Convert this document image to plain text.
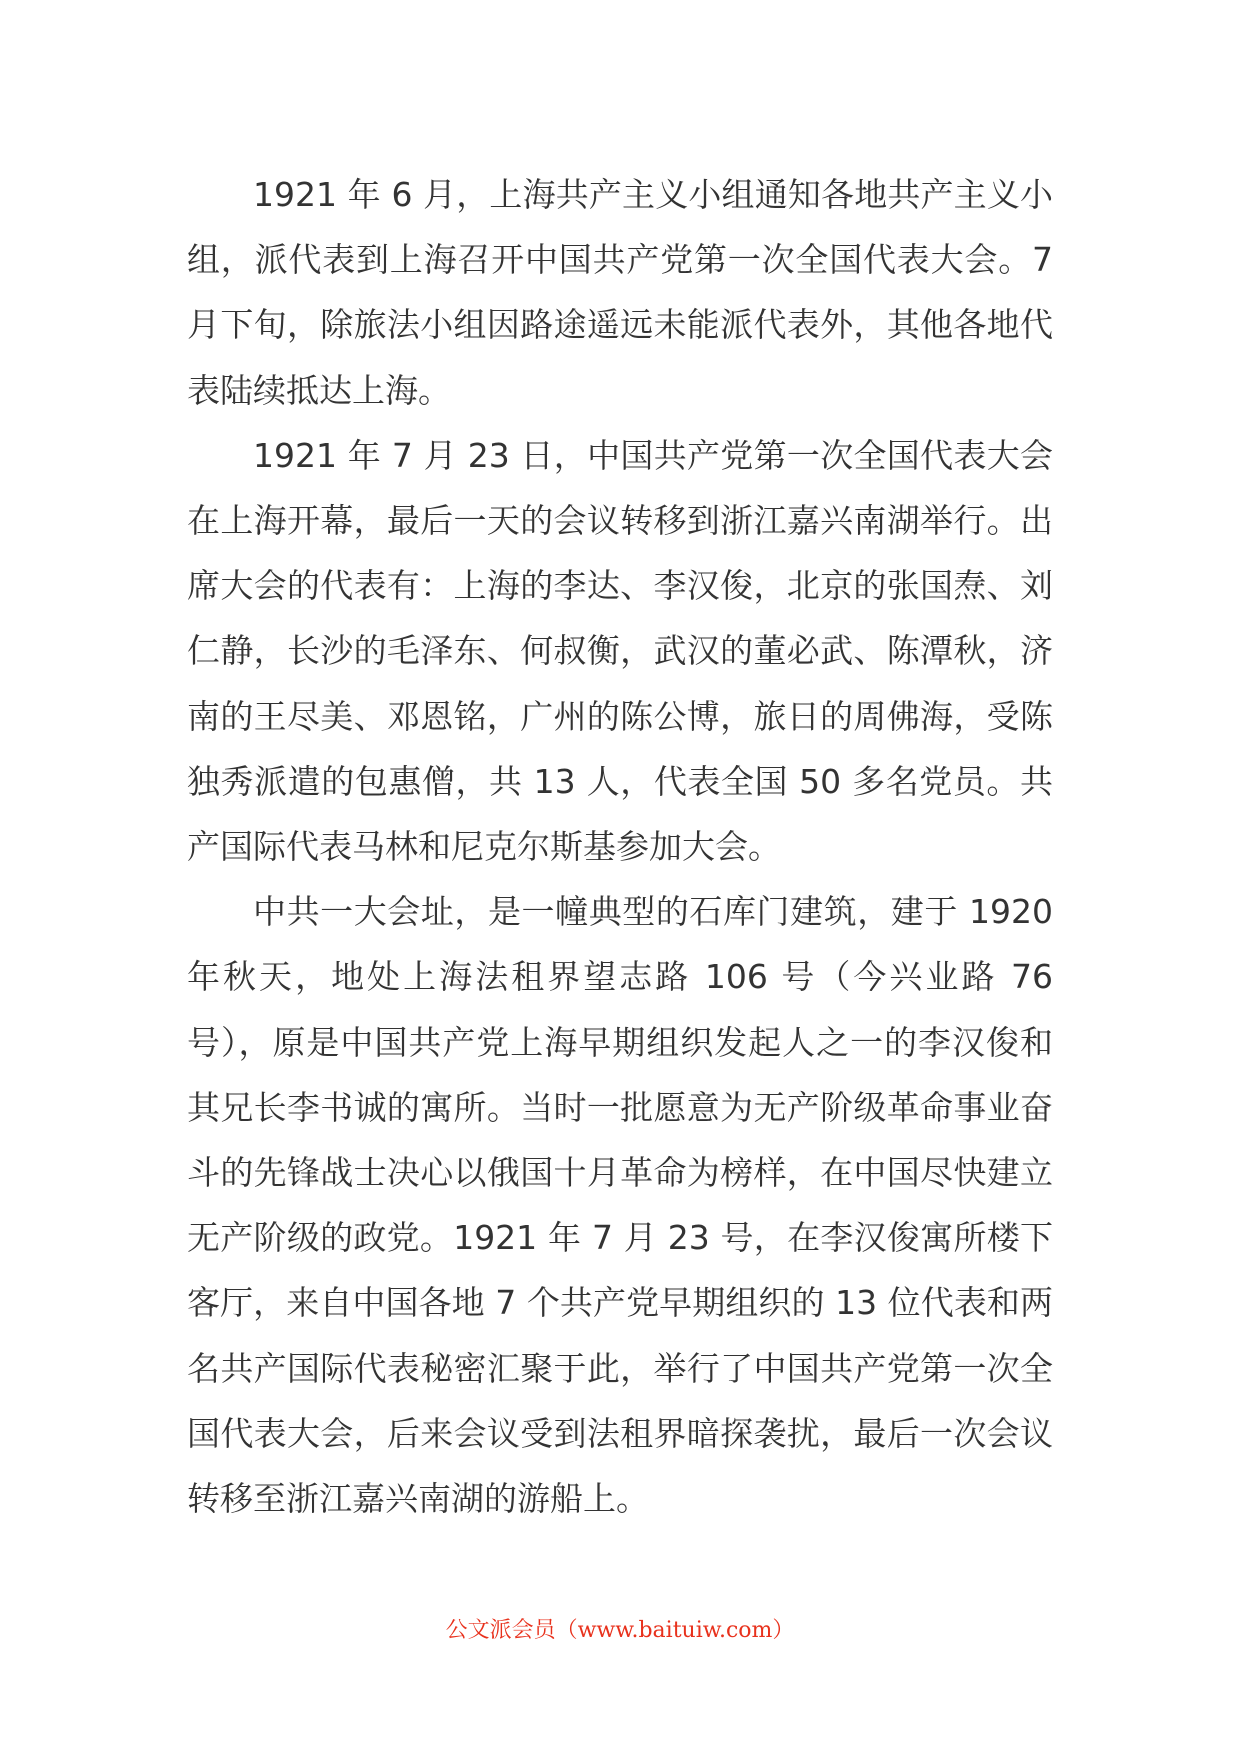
1921 年 6 月，上海共产主义小组通知各地共产主义小组，派代表到上海召开中国共产党第一次全国代表大会。7 月下旬，除旅法小组因路途遥远未能派代表外，其他各地代表陆续抵达上海。

1921 年 7 月 23 日，中国共产党第一次全国代表大会在上海开幕，最后一天的会议转移到浙江嘉兴南湖举行。出席大会的代表有：上海的李达、李汉俊，北京的张国焘、刘仁静，长沙的毛泽东、何叔衡，武汉的董必武、陈潭秋，济南的王尽美、邓恩铭，广州的陈公博，旅日的周佛海，受陈独秀派遣的包惠僧，共 13 人，代表全国 50 多名党员。共产国际代表马林和尼克尔斯基参加大会。

中共一大会址，是一幢典型的石库门建筑，建于 1920 年秋天，地处上海法租界望志路 106 号（今兴业路 76 号），原是中国共产党上海早期组织发起人之一的李汉俊和其兄长李书诚的寓所。当时一批愿意为无产阶级革命事业奋斗的先锋战士决心以俄国十月革命为榜样，在中国尽快建立无产阶级的政党。1921 年 7 月 23 号，在李汉俊寓所楼下客厅，来自中国各地 7 个共产党早期组织的 13 位代表和两名共产国际代表秘密汇聚于此，举行了中国共产党第一次全国代表大会，后来会议受到法租界暗探袭扰，最后一次会议转移至浙江嘉兴南湖的游船上。

公文派会员（www.baituiw.com）
